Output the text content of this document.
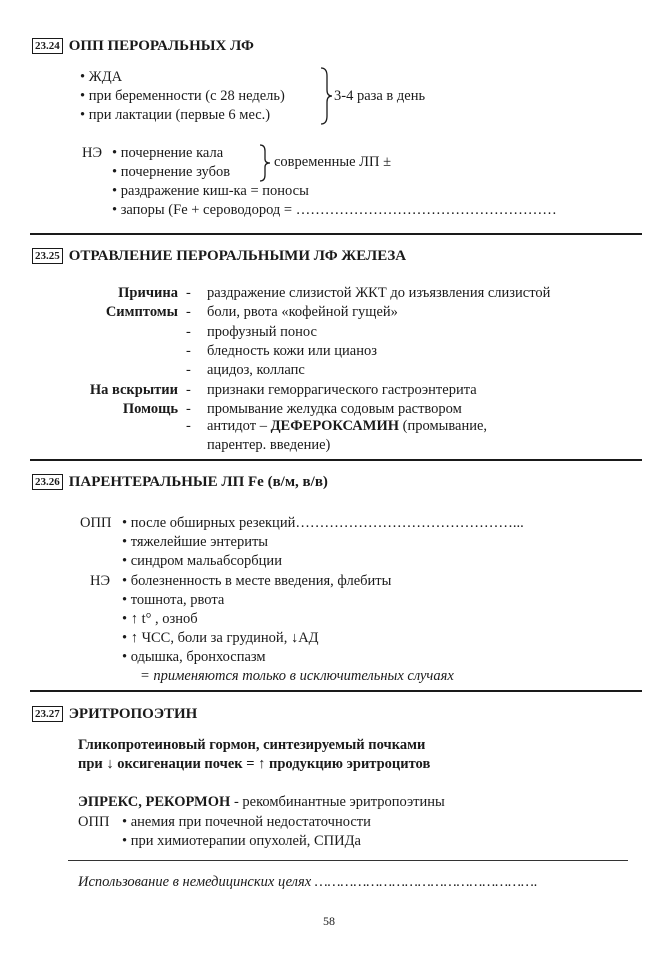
23.24 ОПП ПЕРОРАЛЬНЫХ ЛФ
• ЖДА
• при беременности (с 28 недель)
• при лактации (первые 6 мес.)
3-4 раза в день
НЭ • почернение кала
• почернение зубов
современные ЛП ±
• раздражение киш-ка = поносы
• запоры (Fe + сероводород = ………………………………………………
23.25 ОТРАВЛЕНИЕ ПЕРОРАЛЬНЫМИ ЛФ ЖЕЛЕЗА
Причина - раздражение слизистой ЖКТ до изъязвления слизистой
Симптомы - боли, рвота «кофейной гущей»
- профузный понос
- бледность кожи или цианоз
- ацидоз, коллапс
На вскрытии - признаки геморрагического гастроэнтерита
Помощь - промывание желудка содовым раствором
- антидот – ДЕФЕРОКСАМИН (промывание,
парентер. введение)
23.26 ПАРЕНТЕРАЛЬНЫЕ ЛП Fe (в/м, в/в)
ОПП • после обширных резекций………………………………………...
• тяжелейшие энтериты
• синдром мальабсорбции
НЭ • болезненность в месте введения, флебиты
• тошнота, рвота
• ↑ t° , озноб
• ↑ ЧСС, боли за грудиной, ↓АД
• одышка, бронхоспазм
= применяются только в исключительных случаях
23.27 ЭРИТРОПОЭТИН
Гликопротеиновый гормон, синтезируемый почками
при ↓ оксигенации почек = ↑ продукцию эритроцитов
ЭПРЕКС, РЕКОРМОН - рекомбинантные эритропоэтины
ОПП • анемия при почечной недостаточности
• при химиотерапии опухолей, СПИДа
Использование в немедицинских целях …………………………………………….
58
